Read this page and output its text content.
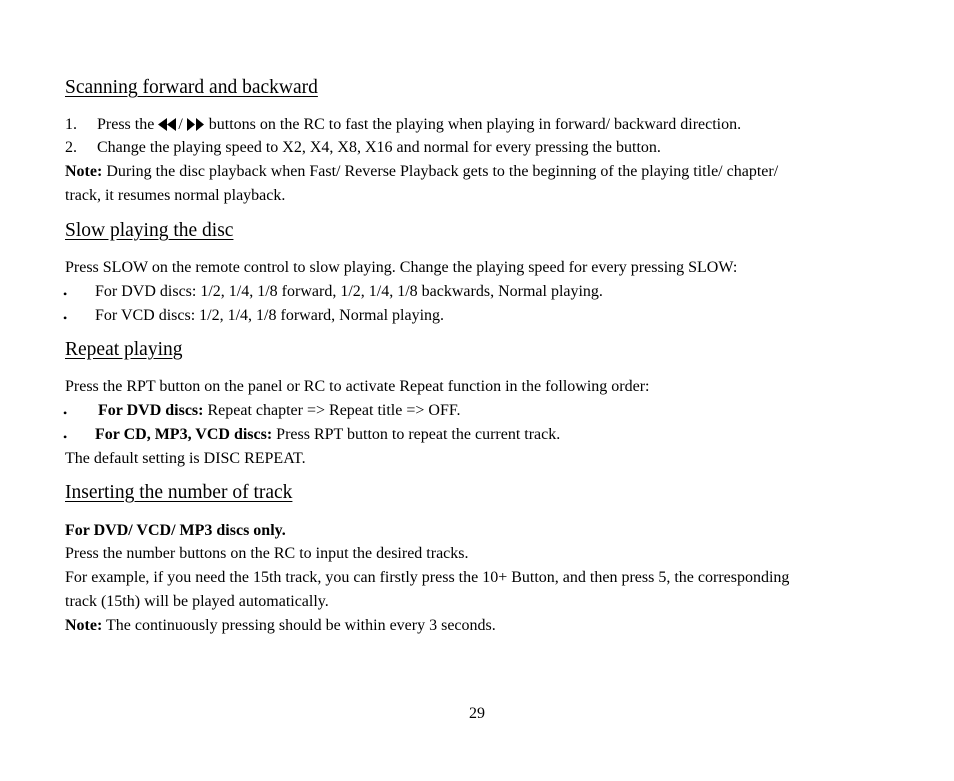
Scanning forward and backward
1. Press the / buttons on the RC to fast the playing when playing in forward/ backward direction.
2. Change the playing speed to X2, X4, X8, X16 and normal for every pressing the button.
Note: During the disc playback when Fast/ Reverse Playback gets to the beginning of the playing title/ chapter/
track, it resumes normal playback.
Slow playing the disc
Press SLOW on the remote control to slow playing. Change the playing speed for every pressing SLOW:
• For DVD discs: 1/2, 1/4, 1/8 forward, 1/2, 1/4, 1/8 backwards, Normal playing.
• For VCD discs: 1/2, 1/4, 1/8 forward, Normal playing.
Repeat playing
Press the RPT button on the panel or RC to activate Repeat function in the following order:
• For DVD discs: Repeat chapter => Repeat title => OFF.
• For CD, MP3, VCD discs: Press RPT button to repeat the current track.
The default setting is DISC REPEAT.
Inserting the number of track
For DVD/ VCD/ MP3 discs only.
Press the number buttons on the RC to input the desired tracks.
For example, if you need the 15th track, you can firstly press the 10+ Button, and then press 5, the corresponding
track (15th) will be played automatically.
Note: The continuously pressing should be within every 3 seconds.
29
